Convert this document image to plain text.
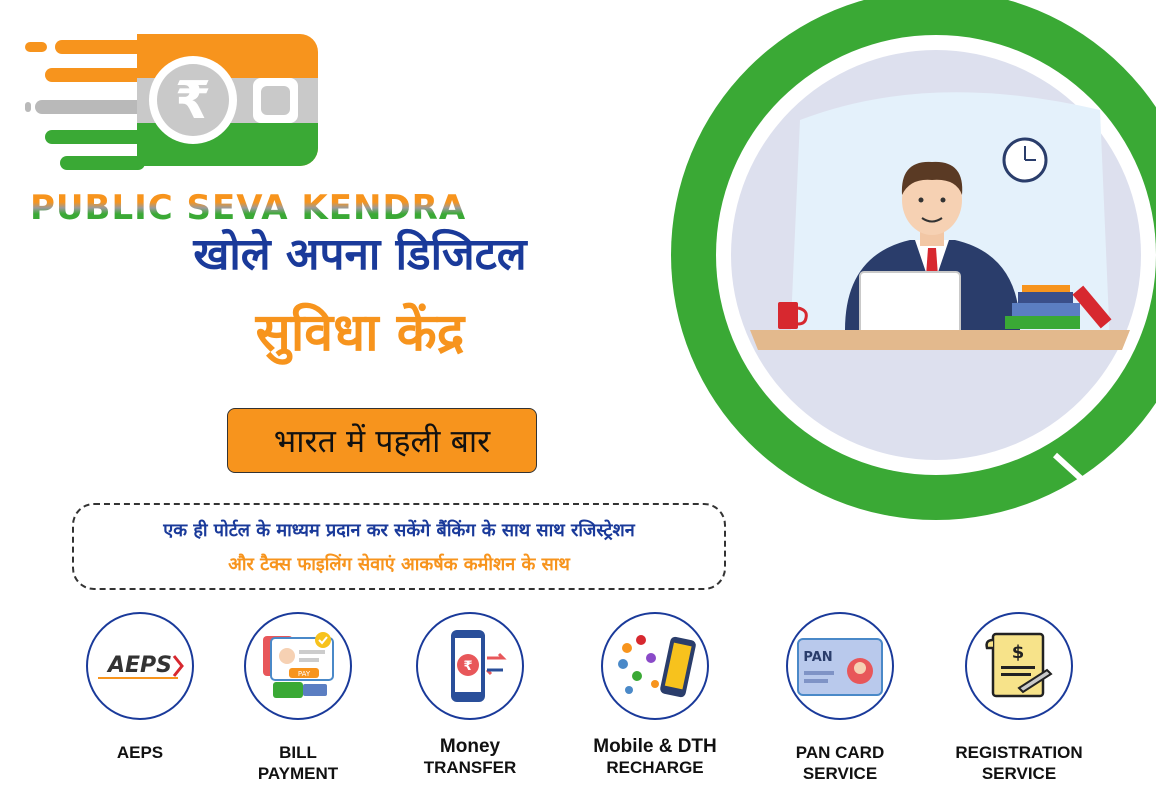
₹
PUBLIC SEVA KENDRA
खोले अपना डिजिटल
सुविधा केंद्र
भारत में पहली बार
एक ही पोर्टल के माध्यम प्रदान कर सकेंगे बैंकिंग के साथ साथ रजिस्ट्रेशन
और टैक्स फाइलिंग सेवाएं आकर्षक कमीशन के साथ
AEPS
AEPS
PAY
BILL
PAYMENT
₹
Money
TRANSFER
Mobile & DTH
RECHARGE
PAN
PAN CARD
SERVICE
$
REGISTRATION
SERVICE
